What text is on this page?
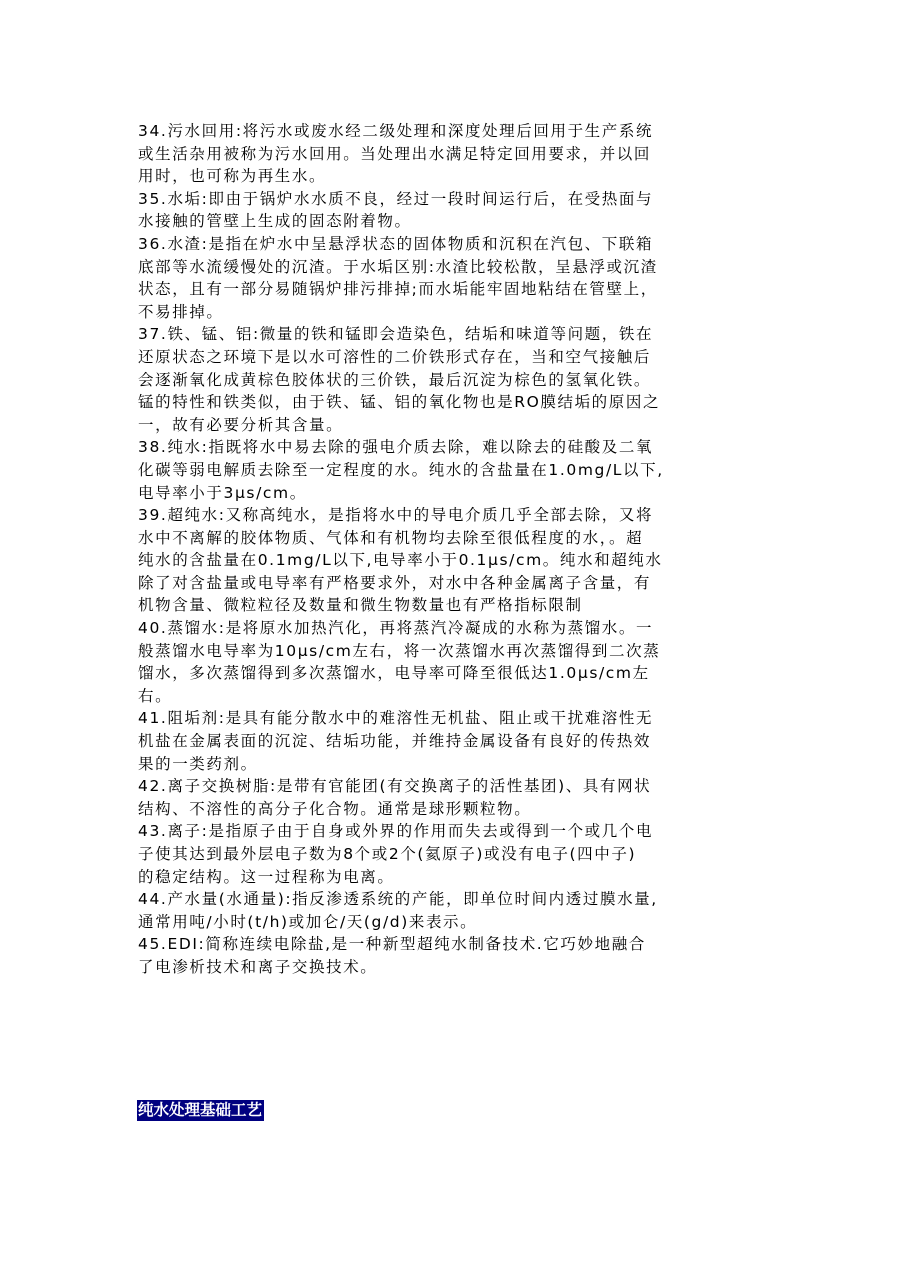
34.污水回用:将污水或废水经二级处理和深度处理后回用于生产系统
或生活杂用被称为污水回用。当处理出水满足特定回用要求，并以回
用时，也可称为再生水。
35.水垢:即由于锅炉水水质不良，经过一段时间运行后，在受热面与
水接触的管壁上生成的固态附着物。
36.水渣:是指在炉水中呈悬浮状态的固体物质和沉积在汽包、下联箱
底部等水流缓慢处的沉渣。于水垢区别:水渣比较松散，呈悬浮或沉渣
状态，且有一部分易随锅炉排污排掉;而水垢能牢固地粘结在管壁上，
不易排掉。
37.铁、锰、铝:微量的铁和锰即会造染色，结垢和味道等问题，铁在
还原状态之环境下是以水可溶性的二价铁形式存在，当和空气接触后
会逐渐氧化成黄棕色胶体状的三价铁，最后沉淀为棕色的氢氧化铁。
锰的特性和铁类似，由于铁、锰、铝的氧化物也是RO膜结垢的原因之
一，故有必要分析其含量。
38.纯水:指既将水中易去除的强电介质去除，难以除去的硅酸及二氧
化碳等弱电解质去除至一定程度的水。纯水的含盐量在1.0mg/L以下,
电导率小于3μs/cm。
39.超纯水:又称高纯水，是指将水中的导电介质几乎全部去除，又将
水中不离解的胶体物质、气体和有机物均去除至很低程度的水，。超
纯水的含盐量在0.1mg/L以下,电导率小于0.1μs/cm。纯水和超纯水
除了对含盐量或电导率有严格要求外，对水中各种金属离子含量，有
机物含量、微粒粒径及数量和微生物数量也有严格指标限制
40.蒸馏水:是将原水加热汽化，再将蒸汽冷凝成的水称为蒸馏水。一
般蒸馏水电导率为10μs/cm左右，将一次蒸馏水再次蒸馏得到二次蒸
馏水，多次蒸馏得到多次蒸馏水，电导率可降至很低达1.0μs/cm左
右。
41.阻垢剂:是具有能分散水中的难溶性无机盐、阻止或干扰难溶性无
机盐在金属表面的沉淀、结垢功能，并维持金属设备有良好的传热效
果的一类药剂。
42.离子交换树脂:是带有官能团(有交换离子的活性基团)、具有网状
结构、不溶性的高分子化合物。通常是球形颗粒物。
43.离子:是指原子由于自身或外界的作用而失去或得到一个或几个电
子使其达到最外层电子数为8个或2个(氦原子)或没有电子(四中子)
的稳定结构。这一过程称为电离。
44.产水量(水通量):指反渗透系统的产能，即单位时间内透过膜水量,
通常用吨/小时(t/h)或加仑/天(g/d)来表示。
45.EDI:简称连续电除盐,是一种新型超纯水制备技术.它巧妙地融合
了电渗析技术和离子交换技术。
纯水处理基础工艺
